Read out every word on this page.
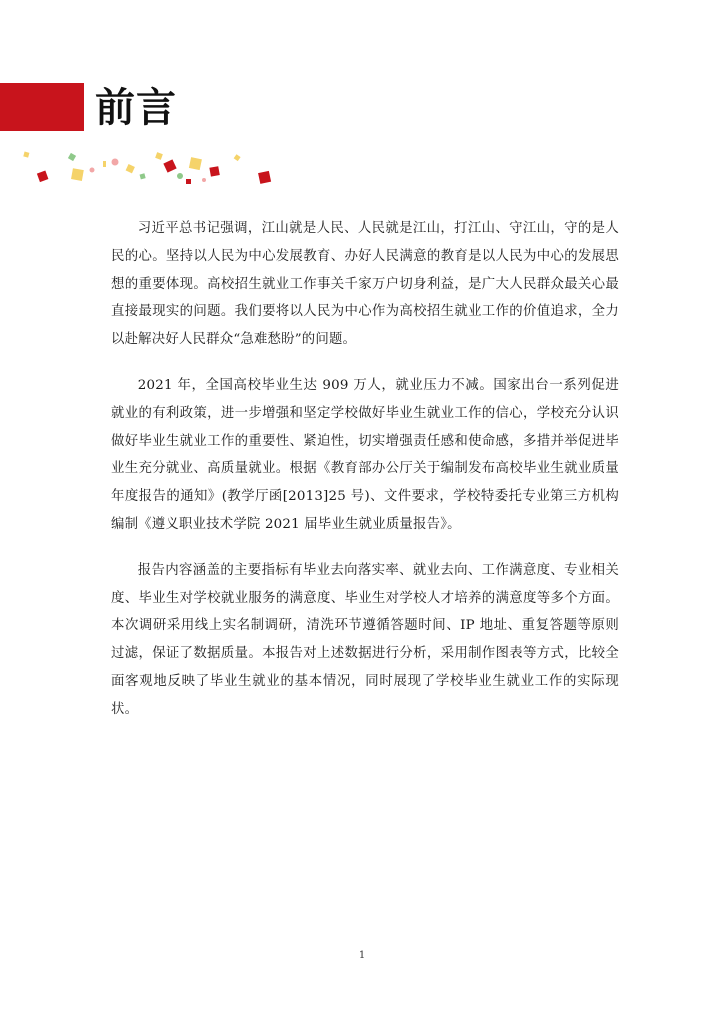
前言

习近平总书记强调，江山就是人民、人民就是江山，打江山、守江山，守的是人民的心。坚持以人民为中心发展教育、办好人民满意的教育是以人民为中心的发展思想的重要体现。高校招生就业工作事关千家万户切身利益，是广大人民群众最关心最直接最现实的问题。我们要将以人民为中心作为高校招生就业工作的价值追求，全力以赴解决好人民群众“急难愁盼”的问题。

2021 年，全国高校毕业生达 909 万人，就业压力不减。国家出台一系列促进就业的有利政策，进一步增强和坚定学校做好毕业生就业工作的信心，学校充分认识做好毕业生就业工作的重要性、紧迫性，切实增强责任感和使命感，多措并举促进毕业生充分就业、高质量就业。根据《教育部办公厅关于编制发布高校毕业生就业质量年度报告的通知》(教学厅函[2013]25 号)、文件要求，学校特委托专业第三方机构编制《遵义职业技术学院 2021 届毕业生就业质量报告》。

报告内容涵盖的主要指标有毕业去向落实率、就业去向、工作满意度、专业相关度、毕业生对学校就业服务的满意度、毕业生对学校人才培养的满意度等多个方面。本次调研采用线上实名制调研，清洗环节遵循答题时间、IP 地址、重复答题等原则过滤，保证了数据质量。本报告对上述数据进行分析，采用制作图表等方式，比较全面客观地反映了毕业生就业的基本情况，同时展现了学校毕业生就业工作的实际现状。

1
